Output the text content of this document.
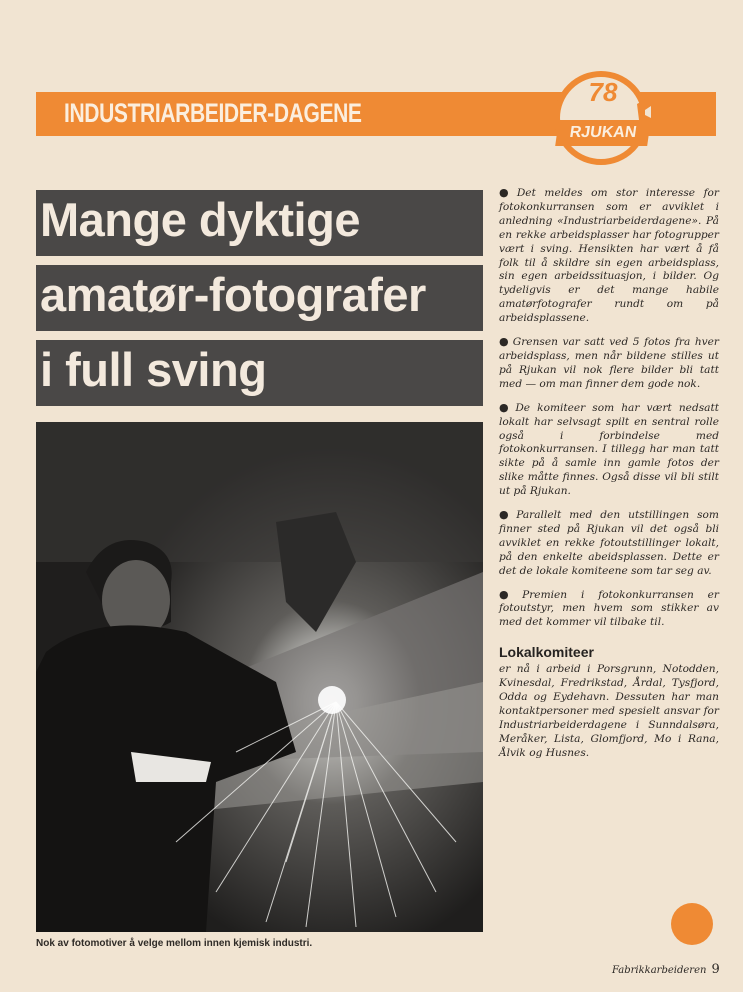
INDUSTRIARBEIDER-DAGENE
78
RJUKAN
Mange dyktige
amatør-fotografer
i full sving
Nok av fotomotiver å velge mellom innen kjemisk industri.

● Det meldes om stor interesse for fotokonkurransen som er avviklet i anledning «Industriarbeiderdagene». På en rekke arbeidsplasser har fotogrupper vært i sving. Hensikten har vært å få folk til å skildre sin egen arbeidsplass, sin egen arbeidssituasjon, i bilder. Og tydeligvis er det mange habile amatørfotografer rundt om på arbeidsplassene.

● Grensen var satt ved 5 fotos fra hver arbeidsplass, men når bildene stilles ut på Rjukan vil nok flere bilder bli tatt med — om man finner dem gode nok.

● De komiteer som har vært nedsatt lokalt har selvsagt spilt en sentral rolle også i forbindelse med fotokonkurransen. I tillegg har man tatt sikte på å samle inn gamle fotos der slike måtte finnes. Også disse vil bli stilt ut på Rjukan.

● Parallelt med den utstillingen som finner sted på Rjukan vil det også bli avviklet en rekke fotoutstillinger lokalt, på den enkelte abeidsplassen. Dette er det de lokale komiteene som tar seg av.

● Premien i fotokonkurransen er fotoutstyr, men hvem som stikker av med det kommer vil tilbake til.

Lokalkomiteer

er nå i arbeid i Porsgrunn, Notodden, Kvinesdal, Fredrikstad, Årdal, Tysfjord, Odda og Eydehavn. Dessuten har man kontaktpersoner med spesielt ansvar for Industriarbeiderdagene i Sunndalsøra, Meråker, Lista, Glomfjord, Mo i Rana, Ålvik og Husnes.

Fabrikkarbeideren 9
